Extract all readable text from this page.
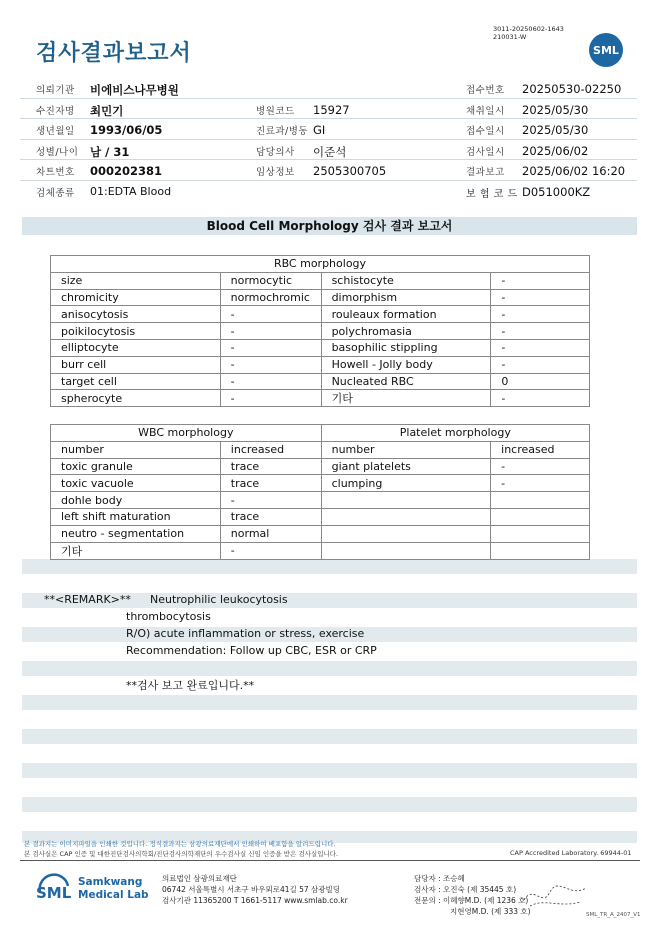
검사결과보고서
3011-20250602-1643
210031-W
SML
의뢰기관 비에비스나무병원	접수번호 20250530-02250
수진자명 최민기	병원코드 15927	채취일시 2025/05/30
생년월일 1993/06/05	진료과/병동 GI	접수일시 2025/05/30
성별/나이 남 / 31	담당의사 이준석	검사일시 2025/06/02
차트번호 000202381	임상정보 2505300705	결과보고 2025/06/02 16:20
검체종류 01:EDTA Blood	보 험 코 드 D051000KZ
Blood Cell Morphology 검사 결과 보고서
RBC morphology			
size	normocytic	schistocyte	-
chromicity	normochromic	dimorphism	-
anisocytosis	-	rouleaux formation	-
poikilocytosis	-	polychromasia	-
elliptocyte	-	basophilic stippling	-
burr cell	-	Howell - Jolly body	-
target cell	-	Nucleated RBC	0
spherocyte	-	기타	-
WBC morphology		Platelet morphology	
number	increased	number	increased
toxic granule	trace	giant platelets	-
toxic vacuole	trace	clumping	-
dohle body	-		
left shift maturation	trace		
neutro - segmentation	normal		
기타	-		
**<REMARK>** Neutrophilic leukocytosis
thrombocytosis
R/O) acute inflammation or stress, exercise
Recommendation: Follow up CBC, ESR or CRP
**검사 보고 완료입니다.**
본 결과지는 이미지파일을 인쇄한 것입니다. 정식결과지는 삼광의료재단에서 인쇄하여 배포함을 알려드립니다.
본 검사실은 CAP 인증 및 대한진단검사의학회/진단검사의학재단의 우수검사실 신임 인증을 받은 검사실입니다.	CAP Accredited Laboratory. 69944-01
SML
Samkwang
Medical Lab
의료법인 삼광의료재단
06742 서울특별시 서초구 바우뫼로41길 57 삼광빌딩
검사기관 11365200 T 1661-5117 www.smlab.co.kr
담당자 : 조승혜
검사자 : 오진숙 (제 35445 호)
전문의 : 이혜향M.D. (제 1236 호)
지현영M.D. (제 333 호)	SML_TR_A_2407_V1
